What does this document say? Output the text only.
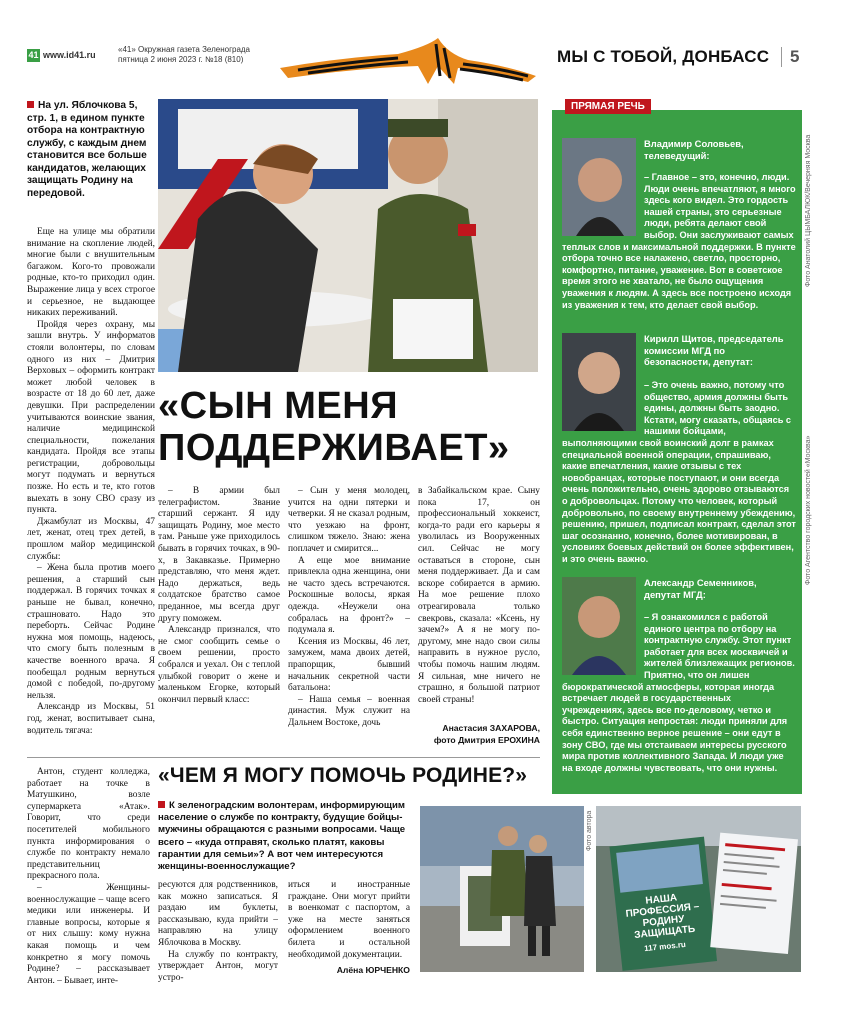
41 www.id41.ru
«41» Окружная газета Зеленограда
пятница 2 июня 2023 г. №18 (810)	МЫ С ТОБОЙ, ДОНБАСС 5
На ул. Яблочкова 5, стр. 1, в едином пункте отбора на контрактную службу, с каждым днем становится все больше кандидатов, желающих защищать Родину на передовой.

Еще на улице мы обратили внимание на скопление людей, многие были с внушительным багажом. Кого-то провожали родные, кто-то приходил один. Выражение лица у всех строгое и серьезное, не выдающее никаких переживаний.

Пройдя через охрану, мы зашли внутрь. У информатов стояли волонтеры, по словам одного из них – Дмитрия Верховых – оформить контракт может любой человек в возрасте от 18 до 60 лет, даже девушки. При распределении учитываются воинские звания, наличие медицинской специальности, пожелания кандидата. Пройдя все этапы регистрации, добровольцы могут подумать и вернуться позже. Но есть и те, кто готов выехать в зону СВО сразу из пункта.

Джамбулат из Москвы, 47 лет, женат, отец трех детей, в прошлом майор медицинской службы:

– Жена была против моего решения, а старший сын поддержал. В горячих точках я раньше не бывал, конечно, страшновато. Надо это переборть. Сейчас Родине нужна моя помощь, надеюсь, что смогу быть полезным в качестве военного врача. Я пообещал родным вернуться домой с победой, по-другому нельзя.

Александр из Москвы, 51 год, женат, воспитывает сына, водитель тягача:

«СЫН МЕНЯ
ПОДДЕРЖИВАЕТ»

– В армии был телеграфистом. Звание старший сержант. Я иду защищать Родину, мое место там. Раньше уже приходилось бывать в горячих точках, в 90-х, в Закавказье. Примерно представляю, что меня ждет. Надо держаться, ведь солдатское братство самое преданное, мы всегда друг другу поможем.

Александр признался, что не смог сообщить семье о своем решении, просто собрался и уехал. Он с теплой улыбкой говорит о жене и маленьком Егорке, который окончил первый класс:

– Сын у меня молодец, учится на одни пятерки и четверки. Я не сказал родным, что уезжаю на фронт, слишком тяжело. Знаю: жена поплачет и смирится...

А еще мое внимание привлекла одна женщина, они не часто здесь встречаются. Роскошные волосы, яркая одежда. «Неужели она собралась на фронт?» – подумала я.

Ксения из Москвы, 46 лет, замужем, мама двоих детей, прапорщик, бывший начальник секретной части батальона:

– Наша семья – военная династия. Муж служит на Дальнем Востоке, дочь

в Забайкальском крае. Сыну пока 17, он профессиональный хоккеист, когда-то ради его карьеры я уволилась из Вооруженных сил. Сейчас не могу оставаться в стороне, сын меня поддерживает. Да и сам вскоре собирается в армию. На мое решение плохо отреагировала только свекровь, сказала: «Ксень, ну зачем?» А я не могу по-другому, мне надо свои силы направить в нужное русло, чтобы помочь нашим людям. Я сильная, мне ничего не страшно, я большой патриот своей страны!

Анастасия ЗАХАРОВА,
фото Дмитрия ЕРОХИНА
ПРЯМАЯ РЕЧЬ
Владимир Соловьев, телеведущий:
– Главное – это, конечно, люди. Люди очень впечатляют, я много здесь кого видел. Это гордость нашей страны, это серьезные люди, ребята делают свой выбор. Они заслуживают самых теплых слов и максимальной поддержки. В пункте отбора точно все налажено, светло, просторно, комфортно, питание, уважение. Вот в советское время этого не хватало, не было ощущения уважения к людям. А здесь все построено исходя из уважения к тем, кто делает свой выбор.
Кирилл Щитов, председатель комиссии МГД по безопасности, депутат:
– Это очень важно, потому что общество, армия должны быть едины, должны быть заодно. Кстати, могу сказать, общаясь с нашими бойцами, выполняющими свой воинский долг в рамках специальной военной операции, спрашиваю, какие впечатления, какие отзывы с тех новобранцах, которые поступают, и они всегда очень положительно, очень здорово отзываются о добровольцах. Потому что человек, который добровольно, по своему внутреннему убеждению, решению, пришел, подписал контракт, сделал этот шаг осознанно, конечно, более мотивирован, в условиях боевых действий он более эффективен, и это очень важно.
Александр Семенников, депутат МГД:
– Я ознакомился с работой единого центра по отбору на контрактную службу. Этот пункт работает для всех москвичей и жителей близлежащих регионов. Приятно, что он лишен бюрократической атмосферы, которая иногда встречает людей в государственных учреждениях, здесь все по-деловому, четко и быстро. Ситуация непростая: люди приняли для себя единственно верное решение – они едут в зону СВО, где мы отстаиваем интересы русского мира против коллективного Запада. И люди уже на входе должны чувствовать, что они нужны.
Фото Анатолий ЦЫМБАЛЮК/Вечерняя Москва
Фото Агентство городских новостей «Москва»

Антон, студент колледжа, работает на точке в Матушкино, возле супермаркета «Атак». Говорит, что среди посетителей мобильного пункта информирования о службе по контракту немало представительниц прекрасного пола.

– Женщины-военнослужащие – чаще всего медики или инженеры. И главные вопросы, которые я от них слышу: кому нужна какая помощь и чем конкретно я могу помочь Родине? – рассказывает Антон. – Бывает, инте-

«ЧЕМ Я МОГУ ПОМОЧЬ РОДИНЕ?»
К зеленоградским волонтерам, информирующим население о службе по контракту, будущие бойцы-мужчины обращаются с разными вопросами. Чаще всего – «куда отправят, сколько платят, каковы гарантии для семьи»? А вот чем интересуются женщины-военнослужащие?

ресуются для родственников, как можно записаться. Я раздаю им буклеты, рассказываю, куда прийти – направляю на улицу Яблочкова в Москву.

На службу по контракту, утверждает Антон, могут устро-

иться и иностранные граждане. Они могут прийти в военкомат с паспортом, а уже на месте заняться оформлением военного билета и остальной необходимой документации.

Алёна ЮРЧЕНКО
Фото автора
НАША ПРОФЕССИЯ – РОДИНУ ЗАЩИЩАТЬ
117 mos.ru
